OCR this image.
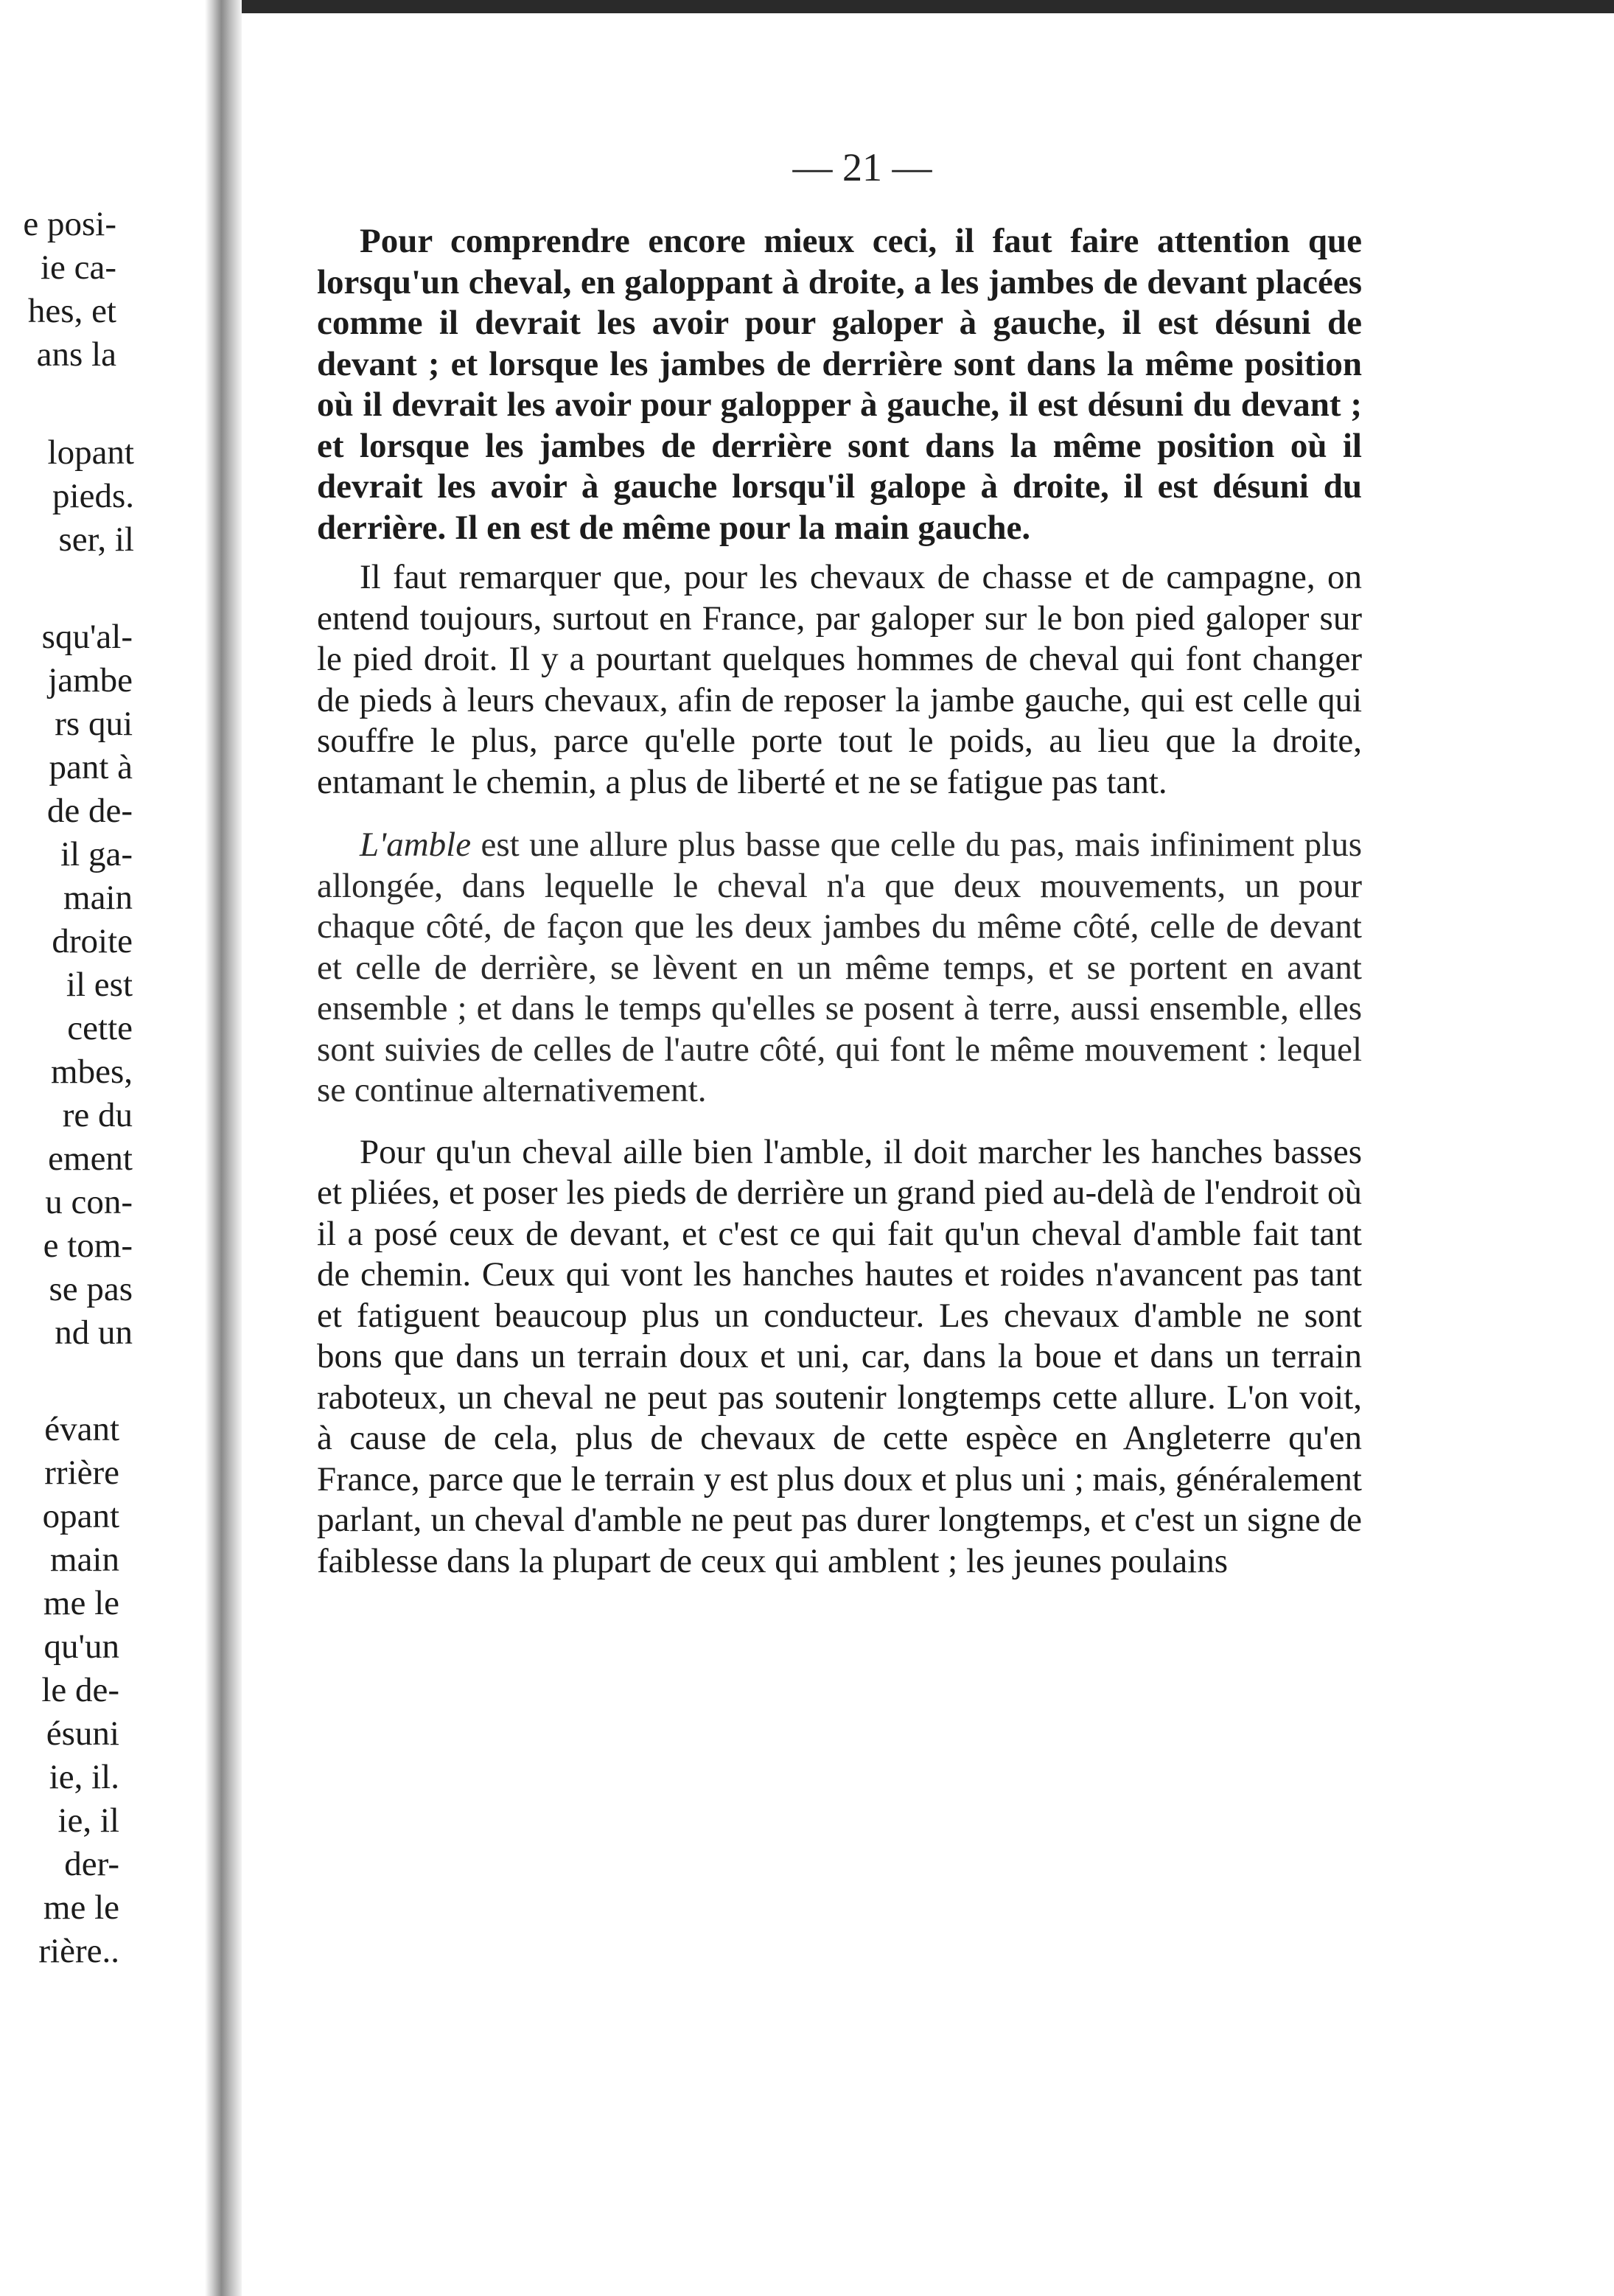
e posi-
ie ca-
hes, et
ans la
lopant
pieds.
ser, il
squ'al-
jambe
rs qui
pant à
de de-
il ga-
main
droite
il est
cette
mbes,
re du
ement
u con-
e tom-
se pas
nd un
évant
rrière
opant
main
me le
qu'un
le de-
ésuni
ie, il.
ie, il
der-
me le
rière..
— 21 —

Pour comprendre encore mieux ceci, il faut faire attention que lorsqu'un cheval, en galoppant à droite, a les jambes de devant placées comme il devrait les avoir pour galoper à gauche, il est désuni de devant ; et lorsque les jambes de derrière sont dans la même position où il devrait les avoir pour galopper à gauche, il est désuni du devant ; et lorsque les jambes de derrière sont dans la même position où il devrait les avoir à gauche lorsqu'il galope à droite, il est désuni du derrière. Il en est de même pour la main gauche.

Il faut remarquer que, pour les chevaux de chasse et de campagne, on entend toujours, surtout en France, par galoper sur le bon pied galoper sur le pied droit. Il y a pourtant quelques hommes de cheval qui font changer de pieds à leurs chevaux, afin de reposer la jambe gauche, qui est celle qui souffre le plus, parce qu'elle porte tout le poids, au lieu que la droite, entamant le chemin, a plus de liberté et ne se fatigue pas tant.

L'amble est une allure plus basse que celle du pas, mais infiniment plus allongée, dans lequelle le cheval n'a que deux mouvements, un pour chaque côté, de façon que les deux jambes du même côté, celle de devant et celle de derrière, se lèvent en un même temps, et se portent en avant ensemble ; et dans le temps qu'elles se posent à terre, aussi ensemble, elles sont suivies de celles de l'autre côté, qui font le même mouvement : lequel se continue alternativement.

Pour qu'un cheval aille bien l'amble, il doit marcher les hanches basses et pliées, et poser les pieds de derrière un grand pied au-delà de l'endroit où il a posé ceux de devant, et c'est ce qui fait qu'un cheval d'amble fait tant de chemin. Ceux qui vont les hanches hautes et roides n'avancent pas tant et fatiguent beaucoup plus un conducteur. Les chevaux d'amble ne sont bons que dans un terrain doux et uni, car, dans la boue et dans un terrain raboteux, un cheval ne peut pas soutenir longtemps cette allure. L'on voit, à cause de cela, plus de chevaux de cette espèce en Angleterre qu'en France, parce que le terrain y est plus doux et plus uni ; mais, généralement parlant, un cheval d'amble ne peut pas durer longtemps, et c'est un signe de faiblesse dans la plupart de ceux qui amblent ; les jeunes poulains
